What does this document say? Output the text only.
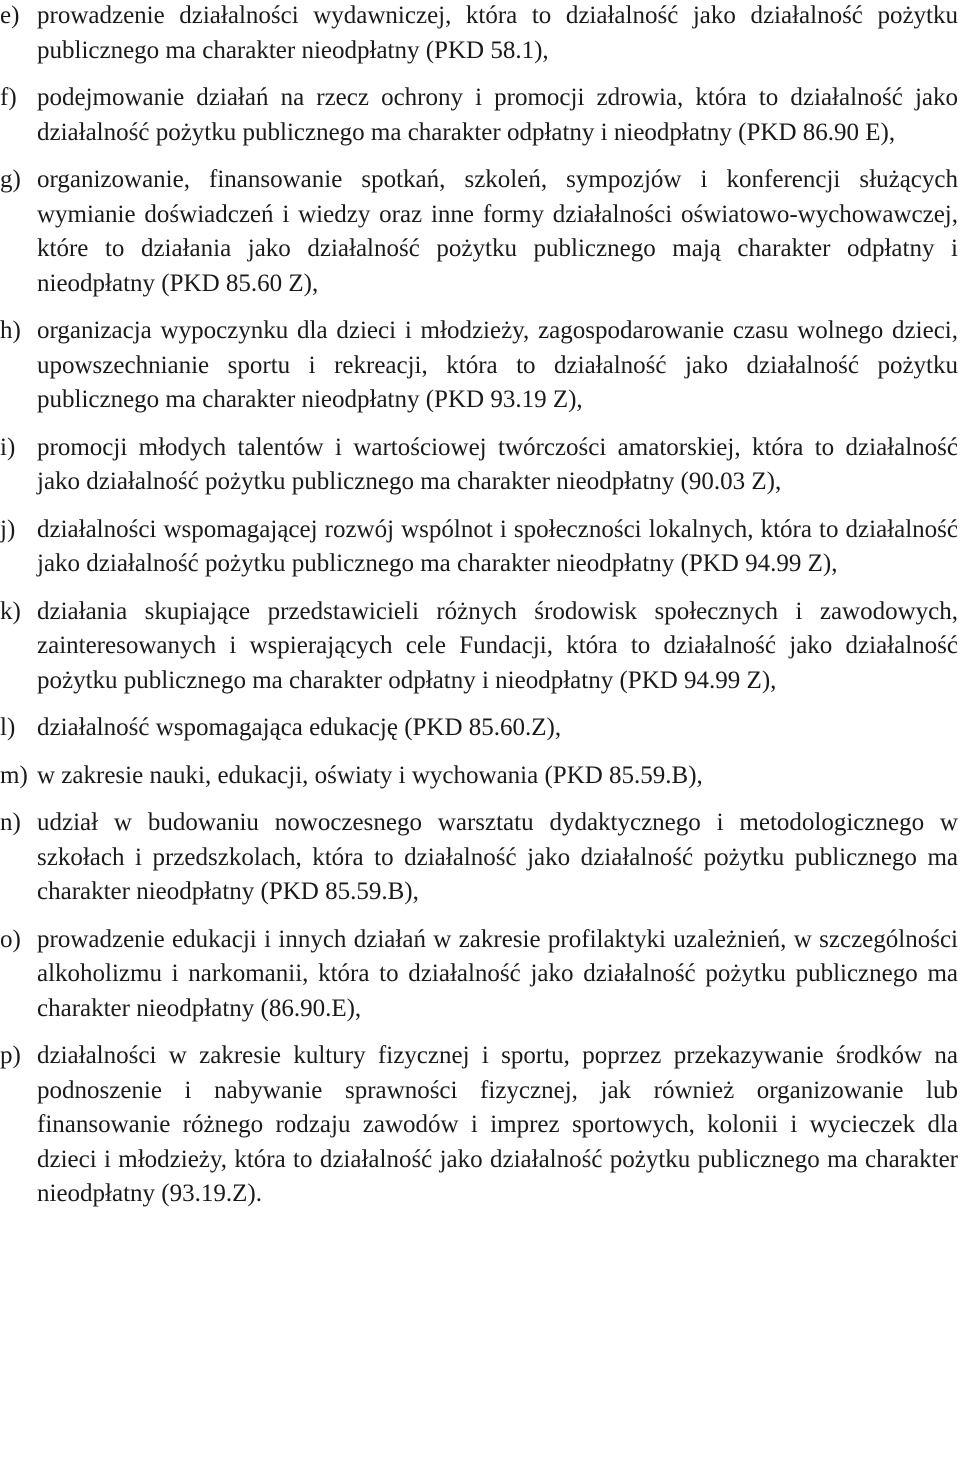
e) prowadzenie działalności wydawniczej, która to działalność jako działalność pożytku publicznego ma charakter nieodpłatny (PKD 58.1),
f) podejmowanie działań na rzecz ochrony i promocji zdrowia, która to działalność jako działalność pożytku publicznego ma charakter odpłatny i nieodpłatny (PKD 86.90 E),
g) organizowanie, finansowanie spotkań, szkoleń, sympozjów i konferencji służących wymianie doświadczeń i wiedzy oraz inne formy działalności oświatowo-wychowawczej, które to działania jako działalność pożytku publicznego mają charakter odpłatny i nieodpłatny (PKD 85.60 Z),
h) organizacja wypoczynku dla dzieci i młodzieży, zagospodarowanie czasu wolnego dzieci, upowszechnianie sportu i rekreacji, która to działalność jako działalność pożytku publicznego ma charakter nieodpłatny (PKD 93.19 Z),
i) promocji młodych talentów i wartościowej twórczości amatorskiej, która to działalność jako działalność pożytku publicznego ma charakter nieodpłatny (90.03 Z),
j) działalności wspomagającej rozwój wspólnot i społeczności lokalnych, która to działalność jako działalność pożytku publicznego ma charakter nieodpłatny (PKD 94.99 Z),
k) działania skupiające przedstawicieli różnych środowisk społecznych i zawodowych, zainteresowanych i wspierających cele Fundacji, która to działalność jako działalność pożytku publicznego ma charakter odpłatny i nieodpłatny (PKD 94.99 Z),
l) działalność wspomagająca edukację (PKD 85.60.Z),
m) w zakresie nauki, edukacji, oświaty i wychowania (PKD 85.59.B),
n) udział w budowaniu nowoczesnego warsztatu dydaktycznego i metodologicznego w szkołach i przedszkolach, która to działalność jako działalność pożytku publicznego ma charakter nieodpłatny (PKD 85.59.B),
o) prowadzenie edukacji i innych działań w zakresie profilaktyki uzależnień, w szczególności alkoholizmu i narkomanii, która to działalność jako działalność pożytku publicznego ma charakter nieodpłatny (86.90.E),
p) działalności w zakresie kultury fizycznej i sportu, poprzez przekazywanie środków na podnoszenie i nabywanie sprawności fizycznej, jak również organizowanie lub finansowanie różnego rodzaju zawodów i imprez sportowych, kolonii i wycieczek dla dzieci i młodzieży, która to działalność jako działalność pożytku publicznego ma charakter nieodpłatny (93.19.Z).
